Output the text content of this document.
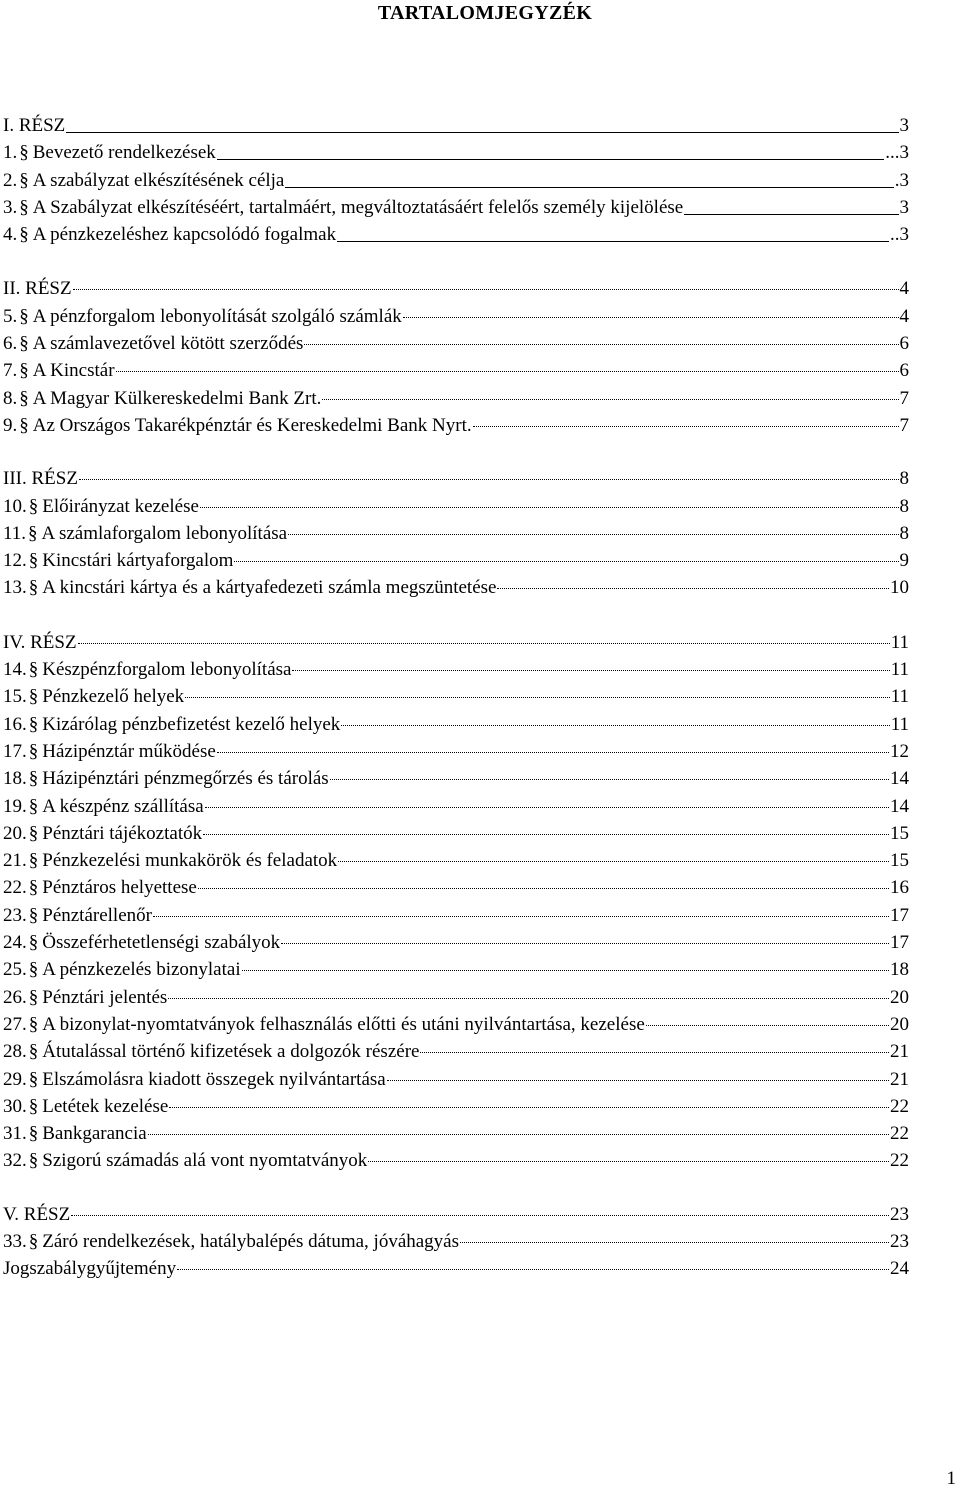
TARTALOMJEGYZÉK
I. RÉSZ	3
1. § Bevezető rendelkezések	...3
2. § A szabályzat elkészítésének célja	.3
3. § A Szabályzat elkészítéséért, tartalmáért, megváltoztatásáért felelős személy kijelölése	3
4. § A pénzkezeléshez kapcsolódó fogalmak	..3
II. RÉSZ	4
5. § A pénzforgalom lebonyolítását szolgáló számlák	4
6. § A számlavezetővel kötött szerződés	6
7. § A Kincstár	6
8. § A Magyar Külkereskedelmi Bank Zrt.	7
9. § Az Országos Takarékpénztár és Kereskedelmi Bank Nyrt.	7
III. RÉSZ	8
10. § Előirányzat kezelése	8
11. § A számlaforgalom lebonyolítása	8
12. § Kincstári kártyaforgalom	9
13. § A kincstári kártya és a kártyafedezeti számla megszüntetése	10
IV. RÉSZ	11
14. § Készpénzforgalom lebonyolítása	11
15. § Pénzkezelő helyek	11
16. § Kizárólag pénzbefizetést kezelő helyek	11
17. § Házipénztár működése	12
18. § Házipénztári pénzmegőrzés és tárolás	14
19. § A készpénz szállítása	14
20. § Pénztári tájékoztatók	15
21. § Pénzkezelési munkakörök és feladatok	15
22. § Pénztáros helyettese	16
23. § Pénztárellenőr	17
24. § Összeférhetetlenségi szabályok	17
25. § A pénzkezelés bizonylatai	18
26. § Pénztári jelentés	20
27. § A bizonylat-nyomtatványok felhasználás előtti és utáni nyilvántartása, kezelése	20
28. § Átutalással történő kifizetések a dolgozók részére	21
29. § Elszámolásra kiadott összegek nyilvántartása	21
30. § Letétek kezelése	22
31. § Bankgarancia	22
32. § Szigorú számadás alá vont nyomtatványok	22
V. RÉSZ	23
33. § Záró rendelkezések, hatálybalépés dátuma, jóváhagyás	23
Jogszabálygyűjtemény	24
1
